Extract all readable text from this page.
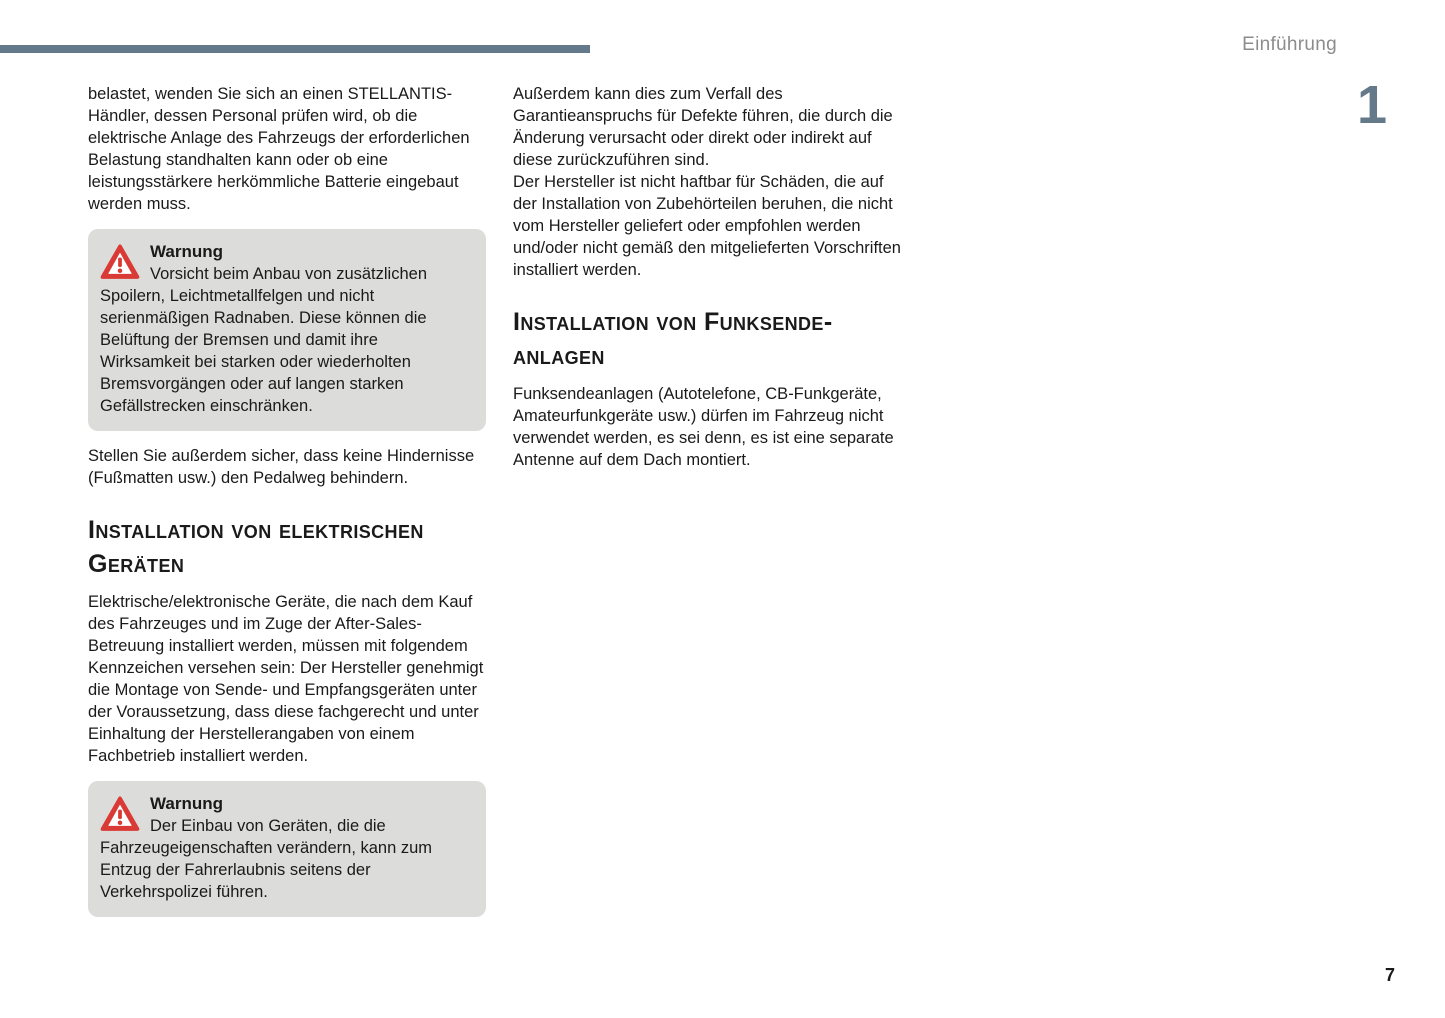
Einführung
1

belastet, wenden Sie sich an einen STELLANTIS-Händler, dessen Personal prüfen wird, ob die elektrische Anlage des Fahrzeugs der erforderlichen Belastung standhalten kann oder ob eine leistungsstärkere herkömmliche Batterie eingebaut werden muss.

Warnung
Vorsicht beim Anbau von zusätzlichen Spoilern, Leichtmetallfelgen und nicht serienmäßigen Radnaben. Diese können die Belüftung der Bremsen und damit ihre Wirksamkeit bei starken oder wiederholten Bremsvorgängen oder auf langen starken Gefällstrecken einschränken.

Stellen Sie außerdem sicher, dass keine Hindernisse (Fußmatten usw.) den Pedalweg behindern.

Installation von elektrischen Geräten

Elektrische/elektronische Geräte, die nach dem Kauf des Fahrzeuges und im Zuge der After-Sales-Betreuung installiert werden, müssen mit folgendem Kennzeichen versehen sein: Der Hersteller genehmigt die Montage von Sende- und Empfangsgeräten unter der Voraussetzung, dass diese fachgerecht und unter Einhaltung der Herstellerangaben von einem Fachbetrieb installiert werden.

Warnung
Der Einbau von Geräten, die die Fahrzeugeigenschaften verändern, kann zum Entzug der Fahrerlaubnis seitens der Verkehrspolizei führen.

Außerdem kann dies zum Verfall des Garantieanspruchs für Defekte führen, die durch die Änderung verursacht oder direkt oder indirekt auf diese zurückzuführen sind.

Der Hersteller ist nicht haftbar für Schäden, die auf der Installation von Zubehörteilen beruhen, die nicht vom Hersteller geliefert oder empfohlen werden und/oder nicht gemäß den mitgelieferten Vorschriften installiert werden.

Installation von Funksende-anlagen

Funksendeanlagen (Autotelefone, CB-Funkgeräte, Amateurfunkgeräte usw.) dürfen im Fahrzeug nicht verwendet werden, es sei denn, es ist eine separate Antenne auf dem Dach montiert.

7
